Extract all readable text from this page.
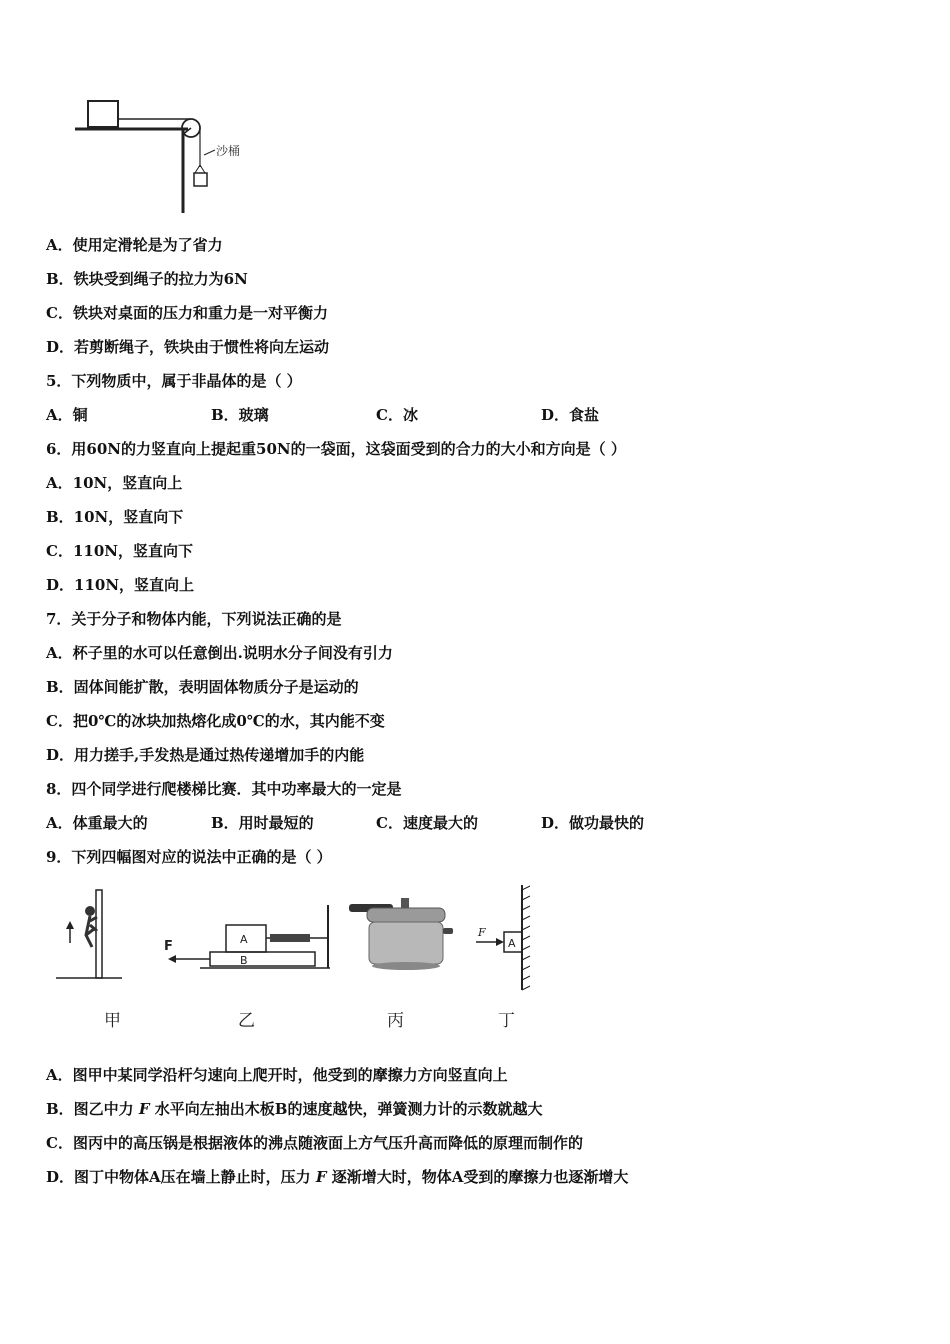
沙桶
A．使用定滑轮是为了省力
B．铁块受到绳子的拉力为6N
C．铁块对桌面的压力和重力是一对平衡力
D．若剪断绳子，铁块由于惯性将向左运动
5．下列物质中，属于非晶体的是（ ）
A．铜	B．玻璃	C．冰	D．食盐
6．用60N的力竖直向上提起重50N的一袋面，这袋面受到的合力的大小和方向是（ ）
A．10N，竖直向上
B．10N，竖直向下
C．110N，竖直向下
D．110N，竖直向上
7．关于分子和物体内能，下列说法正确的是
A．杯子里的水可以任意倒出.说明水分子间没有引力
B．固体间能扩散，表明固体物质分子是运动的
C．把0℃的冰块加热熔化成0℃的水，其内能不变
D．用力搓手,手发热是通过热传递增加手的内能
8．四个同学进行爬楼梯比赛．其中功率最大的一定是
A．体重最大的	B．用时最短的	C．速度最大的	D．做功最快的
9．下列四幅图对应的说法中正确的是（ ）
B
A
F	A
F
甲	乙	丙	丁
A．图甲中某同学沿杆匀速向上爬开时，他受到的摩擦力方向竖直向上
B．图乙中力 F 水平向左抽出木板B的速度越快，弹簧测力计的示数就越大
C．图丙中的高压锅是根据液体的沸点随液面上方气压升高而降低的原理而制作的
D．图丁中物体A压在墙上静止时，压力 F 逐渐增大时，物体A受到的摩擦力也逐渐增大
